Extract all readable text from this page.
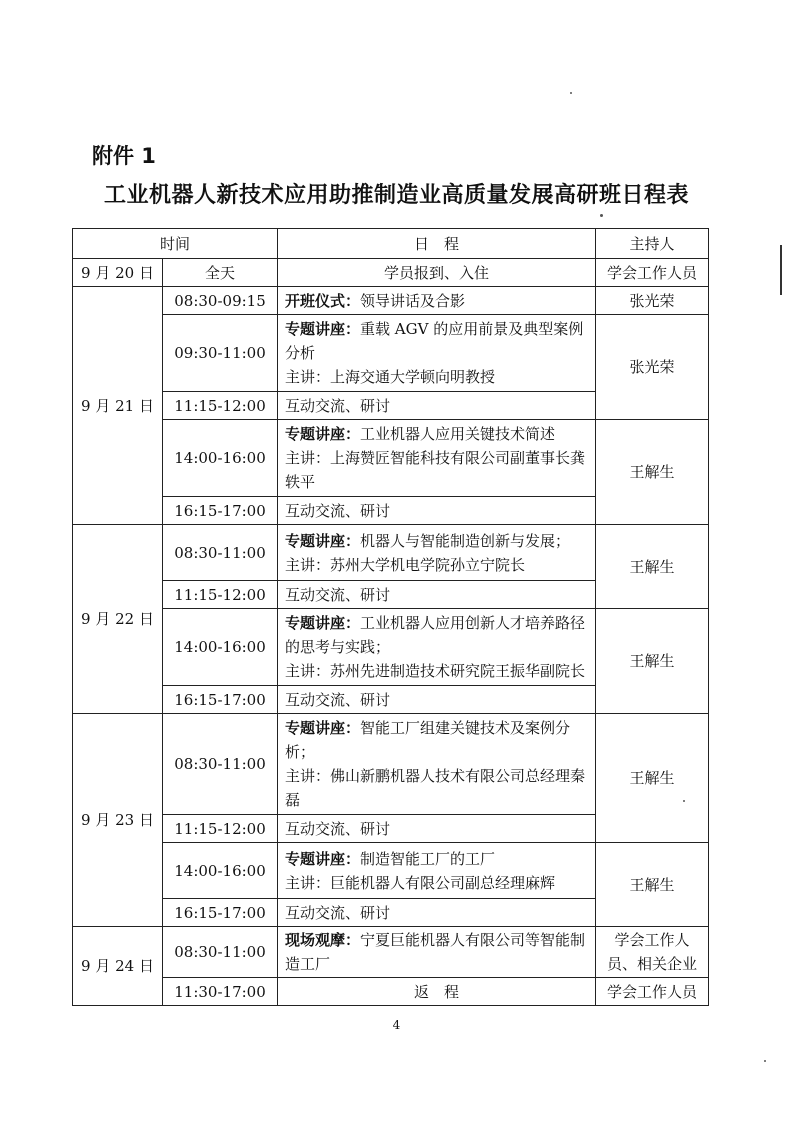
附件 1
工业机器人新技术应用助推制造业高质量发展高研班日程表
时间		日　程	主持人
9 月 20 日	全天	学员报到、入住	学会工作人员
9 月 21 日	08:30-09:15	开班仪式：领导讲话及合影	张光荣
	09:30-11:00	专题讲座：重载 AGV 的应用前景及典型案例分析
主讲：上海交通大学顿向明教授	张光荣
	11:15-12:00	互动交流、研讨	
	14:00-16:00	专题讲座：工业机器人应用关键技术简述
主讲：上海赞匠智能科技有限公司副董事长龚轶平	王解生
	16:15-17:00	互动交流、研讨	
9 月 22 日	08:30-11:00	专题讲座：机器人与智能制造创新与发展；
主讲：苏州大学机电学院孙立宁院长	王解生
	11:15-12:00	互动交流、研讨	
	14:00-16:00	专题讲座：工业机器人应用创新人才培养路径的思考与实践；
主讲：苏州先进制造技术研究院王振华副院长	王解生
	16:15-17:00	互动交流、研讨	
9 月 23 日	08:30-11:00	专题讲座：智能工厂组建关键技术及案例分析；
主讲：佛山新鹏机器人技术有限公司总经理秦磊	王解生
	11:15-12:00	互动交流、研讨	
	14:00-16:00	专题讲座：制造智能工厂的工厂
主讲：巨能机器人有限公司副总经理麻辉	王解生
	16:15-17:00	互动交流、研讨	
9 月 24 日	08:30-11:00	现场观摩：宁夏巨能机器人有限公司等智能制造工厂	学会工作人员、相关企业
	11:30-17:00	返　程	学会工作人员
4
